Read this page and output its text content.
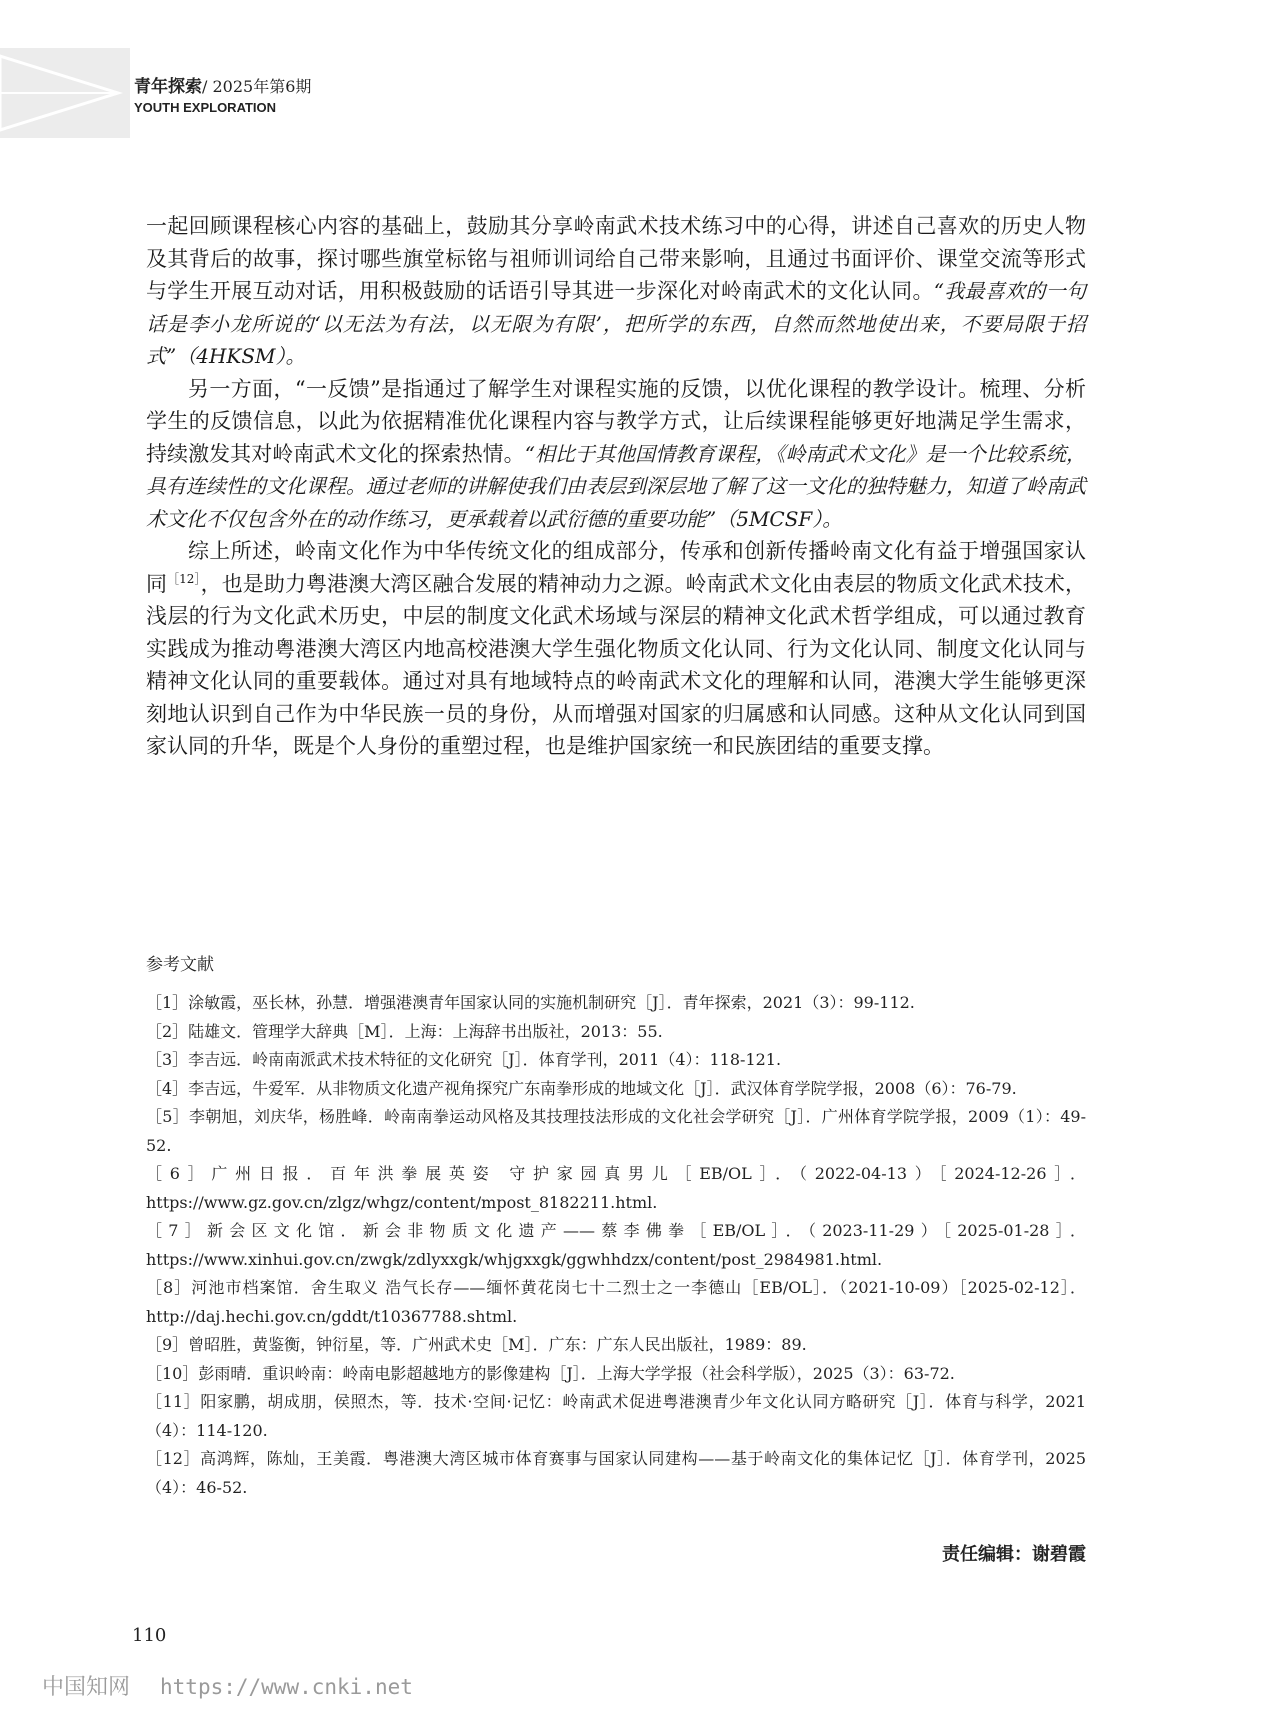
青年探索/ 2025年第6期
YOUTH EXPLORATION

一起回顾课程核心内容的基础上，鼓励其分享岭南武术技术练习中的心得，讲述自己喜欢的历史人物及其背后的故事，探讨哪些旗堂标铭与祖师训词给自己带来影响，且通过书面评价、课堂交流等形式与学生开展互动对话，用积极鼓励的话语引导其进一步深化对岭南武术的文化认同。“我最喜欢的一句话是李小龙所说的‘以无法为有法，以无限为有限’，把所学的东西，自然而然地使出来，不要局限于招式”（4HKSM）。

另一方面，“一反馈”是指通过了解学生对课程实施的反馈，以优化课程的教学设计。梳理、分析学生的反馈信息，以此为依据精准优化课程内容与教学方式，让后续课程能够更好地满足学生需求，持续激发其对岭南武术文化的探索热情。“相比于其他国情教育课程，《岭南武术文化》是一个比较系统，具有连续性的文化课程。通过老师的讲解使我们由表层到深层地了解了这一文化的独特魅力，知道了岭南武术文化不仅包含外在的动作练习，更承载着以武衍德的重要功能”（5MCSF）。

综上所述，岭南文化作为中华传统文化的组成部分，传承和创新传播岭南文化有益于增强国家认同$^{[12]}$，也是助力粤港澳大湾区融合发展的精神动力之源。岭南武术文化由表层的物质文化武术技术，浅层的行为文化武术历史，中层的制度文化武术场域与深层的精神文化武术哲学组成，可以通过教育实践成为推动粤港澳大湾区内地高校港澳大学生强化物质文化认同、行为文化认同、制度文化认同与精神文化认同的重要载体。通过对具有地域特点的岭南武术文化的理解和认同，港澳大学生能够更深刻地认识到自己作为中华民族一员的身份，从而增强对国家的归属感和认同感。这种从文化认同到国家认同的升华，既是个人身份的重塑过程，也是维护国家统一和民族团结的重要支撑。

参考文献

［1］涂敏霞，巫长林，孙慧．增强港澳青年国家认同的实施机制研究［J］．青年探索，2021（3）：99-112.

［2］陆雄文．管理学大辞典［M］．上海：上海辞书出版社，2013：55.

［3］李吉远．岭南南派武术技术特征的文化研究［J］．体育学刊，2011（4）：118-121.

［4］李吉远，牛爱军．从非物质文化遗产视角探究广东南拳形成的地域文化［J］．武汉体育学院学报，2008（6）：76-79.

［5］李朝旭，刘庆华，杨胜峰．岭南南拳运动风格及其技理技法形成的文化社会学研究［J］．广州体育学院学报，2009（1）：49-52.

［6］广州日报．百年洪拳展英姿 守护家园真男儿［EB/OL］．（2022-04-13）［2024-12-26］．https://www.gz.gov.cn/zlgz/whgz/content/mpost_8182211.html.

［7］新会区文化馆．新会非物质文化遗产——蔡李佛拳［EB/OL］．（2023-11-29）［2025-01-28］．https://www.xinhui.gov.cn/zwgk/zdlyxxgk/whjgxxgk/ggwhhdzx/content/post_2984981.html.

［8］河池市档案馆．舍生取义 浩气长存——缅怀黄花岗七十二烈士之一李德山［EB/OL］．（2021-10-09）［2025-02-12］．http://daj.hechi.gov.cn/gddt/t10367788.shtml.

［9］曾昭胜，黄鉴衡，钟衍星，等．广州武术史［M］．广东：广东人民出版社，1989：89.

［10］彭雨晴．重识岭南：岭南电影超越地方的影像建构［J］．上海大学学报（社会科学版），2025（3）：63-72.

［11］阳家鹏，胡成朋，侯照杰，等．技术·空间·记忆：岭南武术促进粤港澳青少年文化认同方略研究［J］．体育与科学，2021（4）：114-120.

［12］高鸿辉，陈灿，王美霞．粤港澳大湾区城市体育赛事与国家认同建构——基于岭南文化的集体记忆［J］．体育学刊，2025（4）：46-52.

责任编辑：谢碧霞
110
中国知网 https://www.cnki.net
